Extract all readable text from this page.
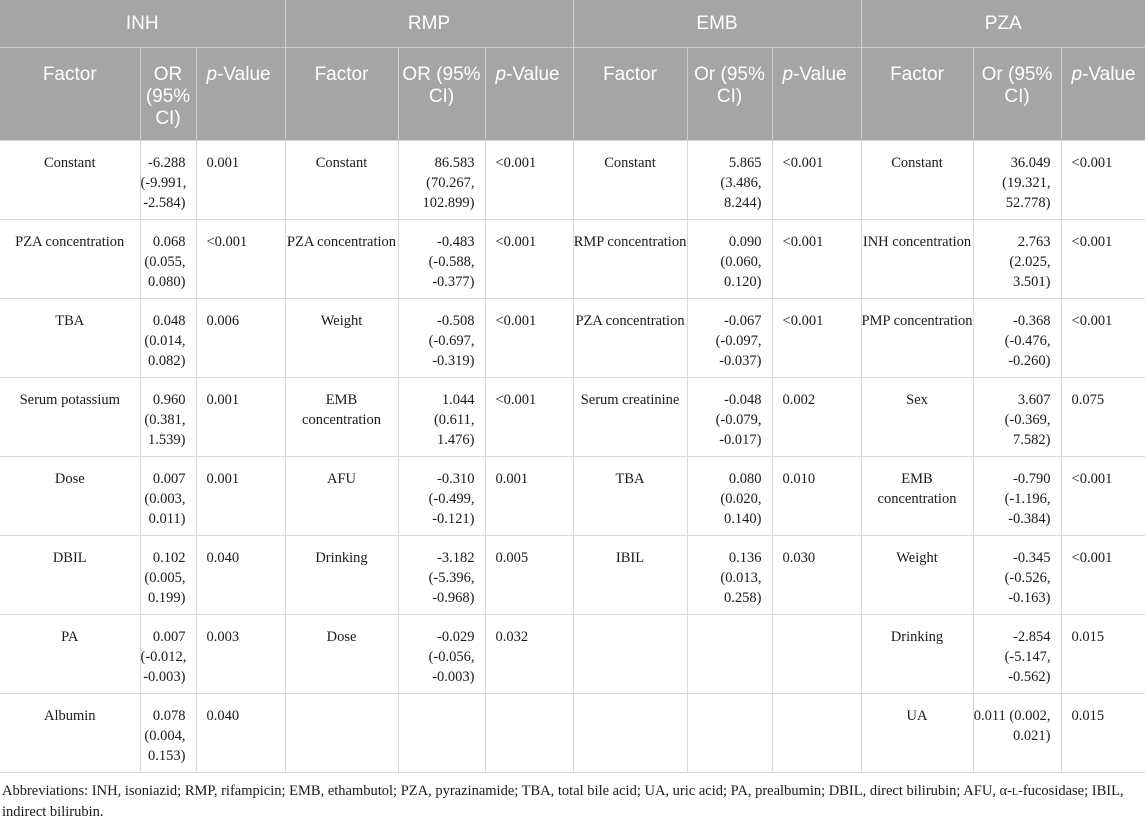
INH			RMP			EMB			PZA		
Factor	OR (95% CI)	p-Value	Factor	OR (95% CI)	p-Value	Factor	Or (95% CI)	p-Value	Factor	Or (95% CI)	p-Value
Constant	-6.288 (-9.991, -2.584)	0.001	Constant	86.583 (70.267, 102.899)	<0.001	Constant	5.865 (3.486, 8.244)	<0.001	Constant	36.049 (19.321, 52.778)	<0.001
PZA concentration	0.068 (0.055, 0.080)	<0.001	PZA concentration	-0.483 (-0.588, -0.377)	<0.001	RMP concentration	0.090 (0.060, 0.120)	<0.001	INH concentration	2.763 (2.025, 3.501)	<0.001
TBA	0.048 (0.014, 0.082)	0.006	Weight	-0.508 (-0.697, -0.319)	<0.001	PZA concentration	-0.067 (-0.097, -0.037)	<0.001	PMP concentration	-0.368 (-0.476, -0.260)	<0.001
Serum potassium	0.960 (0.381, 1.539)	0.001	EMB concentration	1.044 (0.611, 1.476)	<0.001	Serum creatinine	-0.048 (-0.079, -0.017)	0.002	Sex	3.607 (-0.369, 7.582)	0.075
Dose	0.007 (0.003, 0.011)	0.001	AFU	-0.310 (-0.499, -0.121)	0.001	TBA	0.080 (0.020, 0.140)	0.010	EMB concentration	-0.790 (-1.196, -0.384)	<0.001
DBIL	0.102 (0.005, 0.199)	0.040	Drinking	-3.182 (-5.396, -0.968)	0.005	IBIL	0.136 (0.013, 0.258)	0.030	Weight	-0.345 (-0.526, -0.163)	<0.001
PA	0.007 (-0.012, -0.003)	0.003	Dose	-0.029 (-0.056, -0.003)	0.032				Drinking	-2.854 (-5.147, -0.562)	0.015
Albumin	0.078 (0.004, 0.153)	0.040							UA	0.011 (0.002, 0.021)	0.015
Abbreviations: INH, isoniazid; RMP, rifampicin; EMB, ethambutol; PZA, pyrazinamide; TBA, total bile acid; UA, uric acid; PA, prealbumin; DBIL, direct bilirubin; AFU, α-l-fucosidase; IBIL, indirect bilirubin.
